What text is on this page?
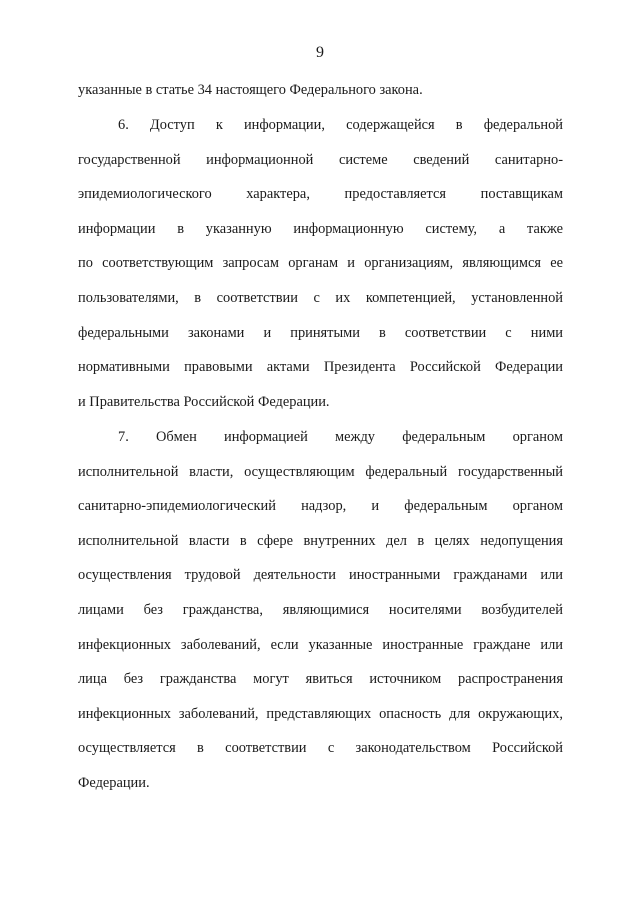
9
указанные в статье 34 настоящего Федерального закона.
6. Доступ к информации, содержащейся в федеральной
государственной информационной системе сведений санитарно-
эпидемиологического характера, предоставляется поставщикам
информации в указанную информационную систему, а также
по соответствующим запросам органам и организациям, являющимся ее
пользователями, в соответствии с их компетенцией, установленной
федеральными законами и принятыми в соответствии с ними
нормативными правовыми актами Президента Российской Федерации
и Правительства Российской Федерации.
7. Обмен информацией между федеральным органом
исполнительной власти, осуществляющим федеральный государственный
санитарно-эпидемиологический надзор, и федеральным органом
исполнительной власти в сфере внутренних дел в целях недопущения
осуществления трудовой деятельности иностранными гражданами или
лицами без гражданства, являющимися носителями возбудителей
инфекционных заболеваний, если указанные иностранные граждане или
лица без гражданства могут явиться источником распространения
инфекционных заболеваний, представляющих опасность для окружающих,
осуществляется в соответствии с законодательством Российской
Федерации.
